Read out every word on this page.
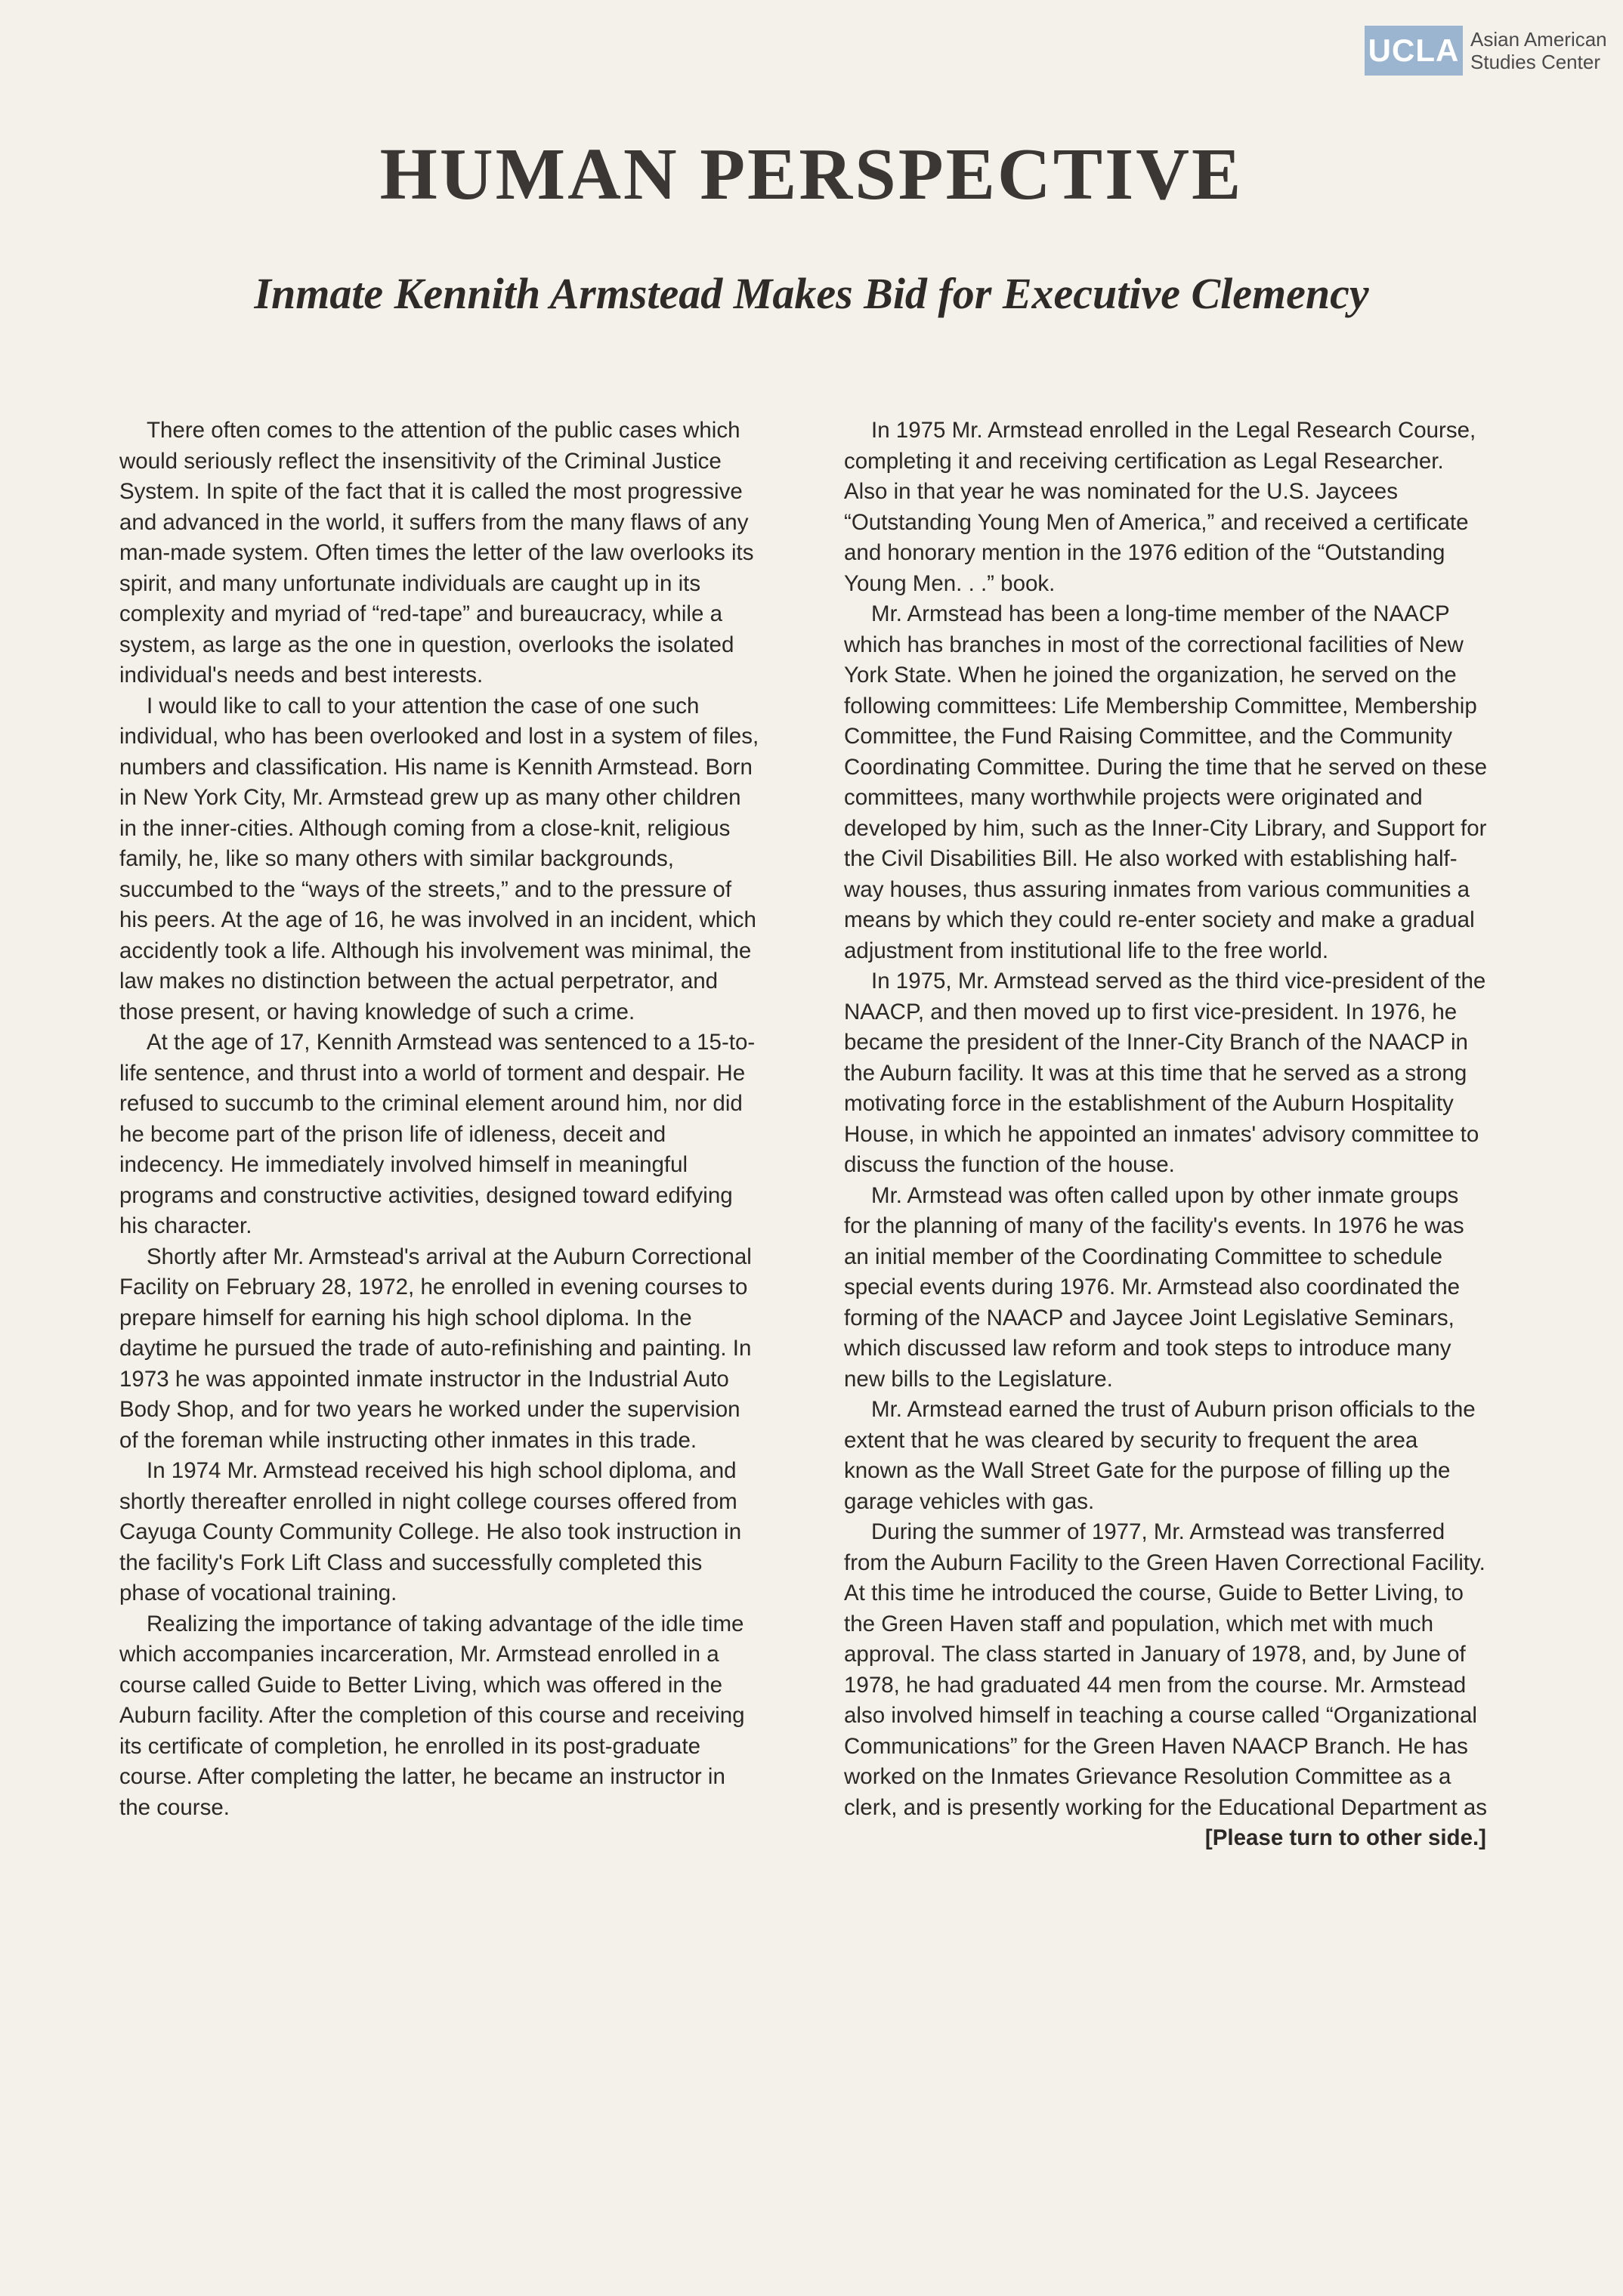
UCLA Asian American
Studies Center
HUMAN PERSPECTIVE
Inmate Kennith Armstead Makes Bid for Executive Clemency

There often comes to the attention of the public cases which would seriously reflect the insensitivity of the Criminal Justice System. In spite of the fact that it is called the most progressive and advanced in the world, it suffers from the many flaws of any man-made system. Often times the letter of the law overlooks its spirit, and many unfortunate individuals are caught up in its complexity and myriad of “red-tape” and bureaucracy, while a system, as large as the one in question, overlooks the isolated individual's needs and best interests.

I would like to call to your attention the case of one such individual, who has been overlooked and lost in a system of files, numbers and classification. His name is Kennith Armstead. Born in New York City, Mr. Armstead grew up as many other children in the inner-cities. Although coming from a close-knit, religious family, he, like so many others with similar backgrounds, succumbed to the “ways of the streets,” and to the pressure of his peers. At the age of 16, he was involved in an incident, which accidently took a life. Although his involvement was minimal, the law makes no distinction between the actual perpetrator, and those present, or having knowledge of such a crime.

At the age of 17, Kennith Armstead was sentenced to a 15-to-life sentence, and thrust into a world of torment and despair. He refused to succumb to the criminal element around him, nor did he become part of the prison life of idleness, deceit and indecency. He immediately involved himself in meaningful programs and constructive activities, designed toward edifying his character.

Shortly after Mr. Armstead's arrival at the Auburn Correctional Facility on February 28, 1972, he enrolled in evening courses to prepare himself for earning his high school diploma. In the daytime he pursued the trade of auto-refinishing and painting. In 1973 he was appointed inmate instructor in the Industrial Auto Body Shop, and for two years he worked under the supervision of the foreman while instructing other inmates in this trade.

In 1974 Mr. Armstead received his high school diploma, and shortly thereafter enrolled in night college courses offered from Cayuga County Community College. He also took instruction in the facility's Fork Lift Class and successfully completed this phase of vocational training.

Realizing the importance of taking advantage of the idle time which accompanies incarceration, Mr. Armstead enrolled in a course called Guide to Better Living, which was offered in the Auburn facility. After the completion of this course and receiving its certificate of completion, he enrolled in its post-graduate course. After completing the latter, he became an instructor in the course.

In 1975 Mr. Armstead enrolled in the Legal Research Course, completing it and receiving certification as Legal Researcher. Also in that year he was nominated for the U.S. Jaycees “Outstanding Young Men of America,” and received a certificate and honorary mention in the 1976 edition of the “Outstanding Young Men. . .” book.

Mr. Armstead has been a long-time member of the NAACP which has branches in most of the correctional facilities of New York State. When he joined the organization, he served on the following committees: Life Membership Committee, Membership Committee, the Fund Raising Committee, and the Community Coordinating Committee. During the time that he served on these committees, many worthwhile projects were originated and developed by him, such as the Inner-City Library, and Support for the Civil Disabilities Bill. He also worked with establishing half-way houses, thus assuring inmates from various communities a means by which they could re-enter society and make a gradual adjustment from institutional life to the free world.

In 1975, Mr. Armstead served as the third vice-president of the NAACP, and then moved up to first vice-president. In 1976, he became the president of the Inner-City Branch of the NAACP in the Auburn facility. It was at this time that he served as a strong motivating force in the establishment of the Auburn Hospitality House, in which he appointed an inmates' advisory committee to discuss the function of the house.

Mr. Armstead was often called upon by other inmate groups for the planning of many of the facility's events. In 1976 he was an initial member of the Coordinating Committee to schedule special events during 1976. Mr. Armstead also coordinated the forming of the NAACP and Jaycee Joint Legislative Seminars, which discussed law reform and took steps to introduce many new bills to the Legislature.

Mr. Armstead earned the trust of Auburn prison officials to the extent that he was cleared by security to frequent the area known as the Wall Street Gate for the purpose of filling up the garage vehicles with gas.

During the summer of 1977, Mr. Armstead was transferred from the Auburn Facility to the Green Haven Correctional Facility. At this time he introduced the course, Guide to Better Living, to the Green Haven staff and population, which met with much approval. The class started in January of 1978, and, by June of 1978, he had graduated 44 men from the course. Mr. Armstead also involved himself in teaching a course called “Organizational Communications” for the Green Haven NAACP Branch. He has worked on the Inmates Grievance Resolution Committee as a clerk, and is presently working for the Educational Department as

[Please turn to other side.]
